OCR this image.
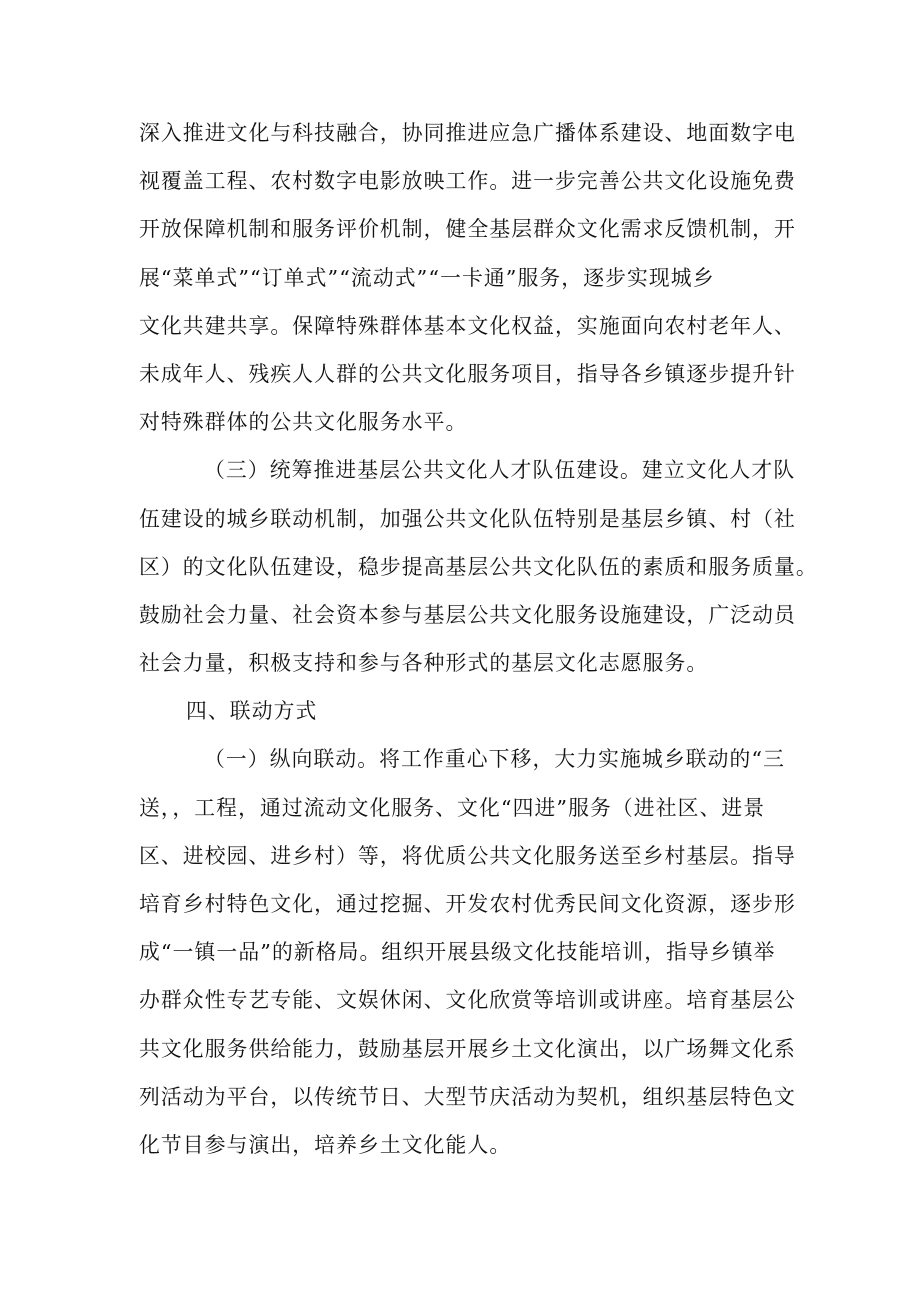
深入推进文化与科技融合，协同推进应急广播体系建设、地面数字电
视覆盖工程、农村数字电影放映工作。进一步完善公共文化设施免费
开放保障机制和服务评价机制，健全基层群众文化需求反馈机制，开
展“菜单式”“订单式”“流动式”“一卡通”服务，逐步实现城乡
文化共建共享。保障特殊群体基本文化权益，实施面向农村老年人、
未成年人、残疾人人群的公共文化服务项目，指导各乡镇逐步提升针
对特殊群体的公共文化服务水平。
（三）统筹推进基层公共文化人才队伍建设。建立文化人才队
伍建设的城乡联动机制，加强公共文化队伍特别是基层乡镇、村（社
区）的文化队伍建设，稳步提高基层公共文化队伍的素质和服务质量。
鼓励社会力量、社会资本参与基层公共文化服务设施建设，广泛动员
社会力量，积极支持和参与各种形式的基层文化志愿服务。
四、联动方式
（一）纵向联动。将工作重心下移，大力实施城乡联动的“三
送，，工程，通过流动文化服务、文化“四进”服务（进社区、进景
区、进校园、进乡村）等，将优质公共文化服务送至乡村基层。指导
培育乡村特色文化，通过挖掘、开发农村优秀民间文化资源，逐步形
成“一镇一品”的新格局。组织开展县级文化技能培训，指导乡镇举
办群众性专艺专能、文娱休闲、文化欣赏等培训或讲座。培育基层公
共文化服务供给能力，鼓励基层开展乡土文化演出，以广场舞文化系
列活动为平台，以传统节日、大型节庆活动为契机，组织基层特色文
化节目参与演出，培养乡土文化能人。
